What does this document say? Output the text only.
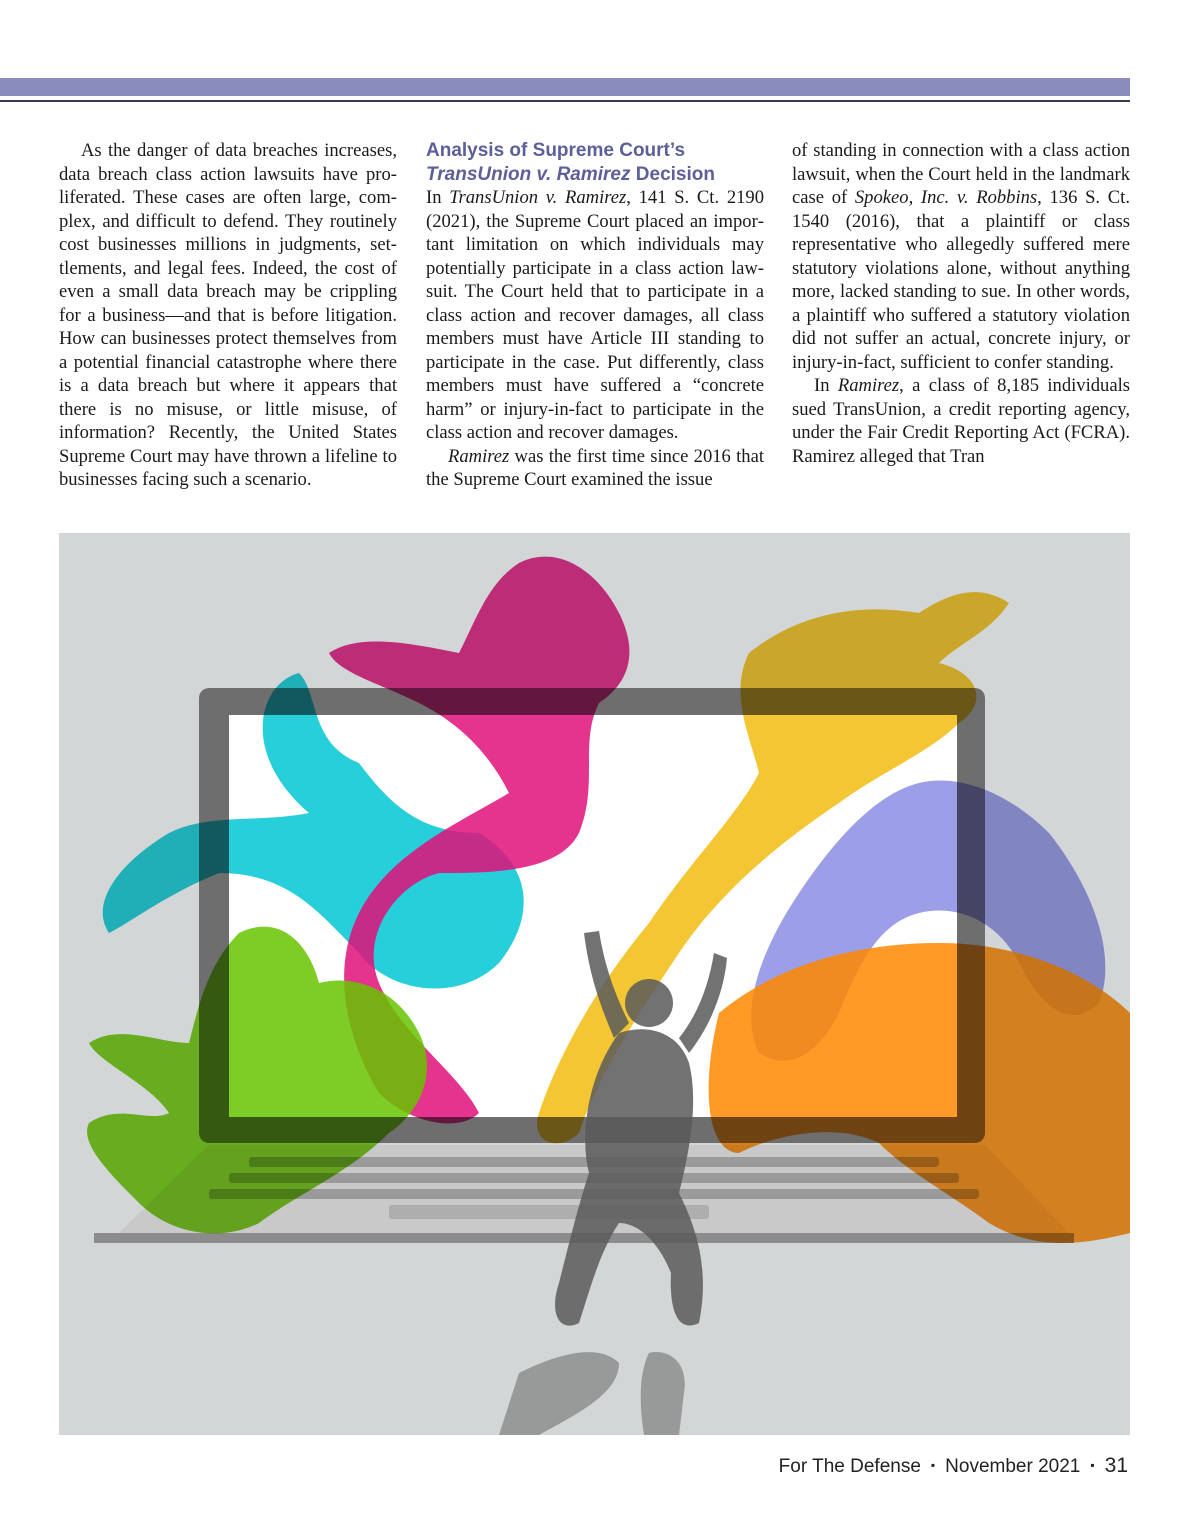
As the danger of data breaches increases, data breach class action lawsuits have proliferated. These cases are often large, complex, and difficult to defend. They routinely cost businesses millions in judgments, settlements, and legal fees. Indeed, the cost of even a small data breach may be crippling for a business—and that is before litigation. How can businesses protect themselves from a potential financial catastrophe where there is a data breach but where it appears that there is no misuse, or little misuse, of information? Recently, the United States Supreme Court may have thrown a lifeline to businesses facing such a scenario.

Analysis of Supreme Court’s
TransUnion v. Ramirez Decision

In TransUnion v. Ramirez, 141 S. Ct. 2190 (2021), the Supreme Court placed an important limitation on which individuals may potentially participate in a class action lawsuit. The Court held that to participate in a class action and recover damages, all class members must have Article III standing to participate in the case. Put differently, class members must have suffered a “concrete harm” or injury-in-fact to participate in the class action and recover damages.

Ramirez was the first time since 2016 that the Supreme Court examined the issue

of standing in connection with a class action lawsuit, when the Court held in the landmark case of Spokeo, Inc. v. Robbins, 136 S. Ct. 1540 (2016), that a plaintiff or class representative who allegedly suffered mere statutory violations alone, without anything more, lacked standing to sue. In other words, a plaintiff who suffered a statutory violation did not suffer an actual, concrete injury, or injury-in-fact, sufficient to confer standing.

In Ramirez, a class of 8,185 individuals sued TransUnion, a credit reporting agency, under the Fair Credit Reporting Act (FCRA). Ramirez alleged that Tran

For The Defense ▪ November 2021 ▪ 31
